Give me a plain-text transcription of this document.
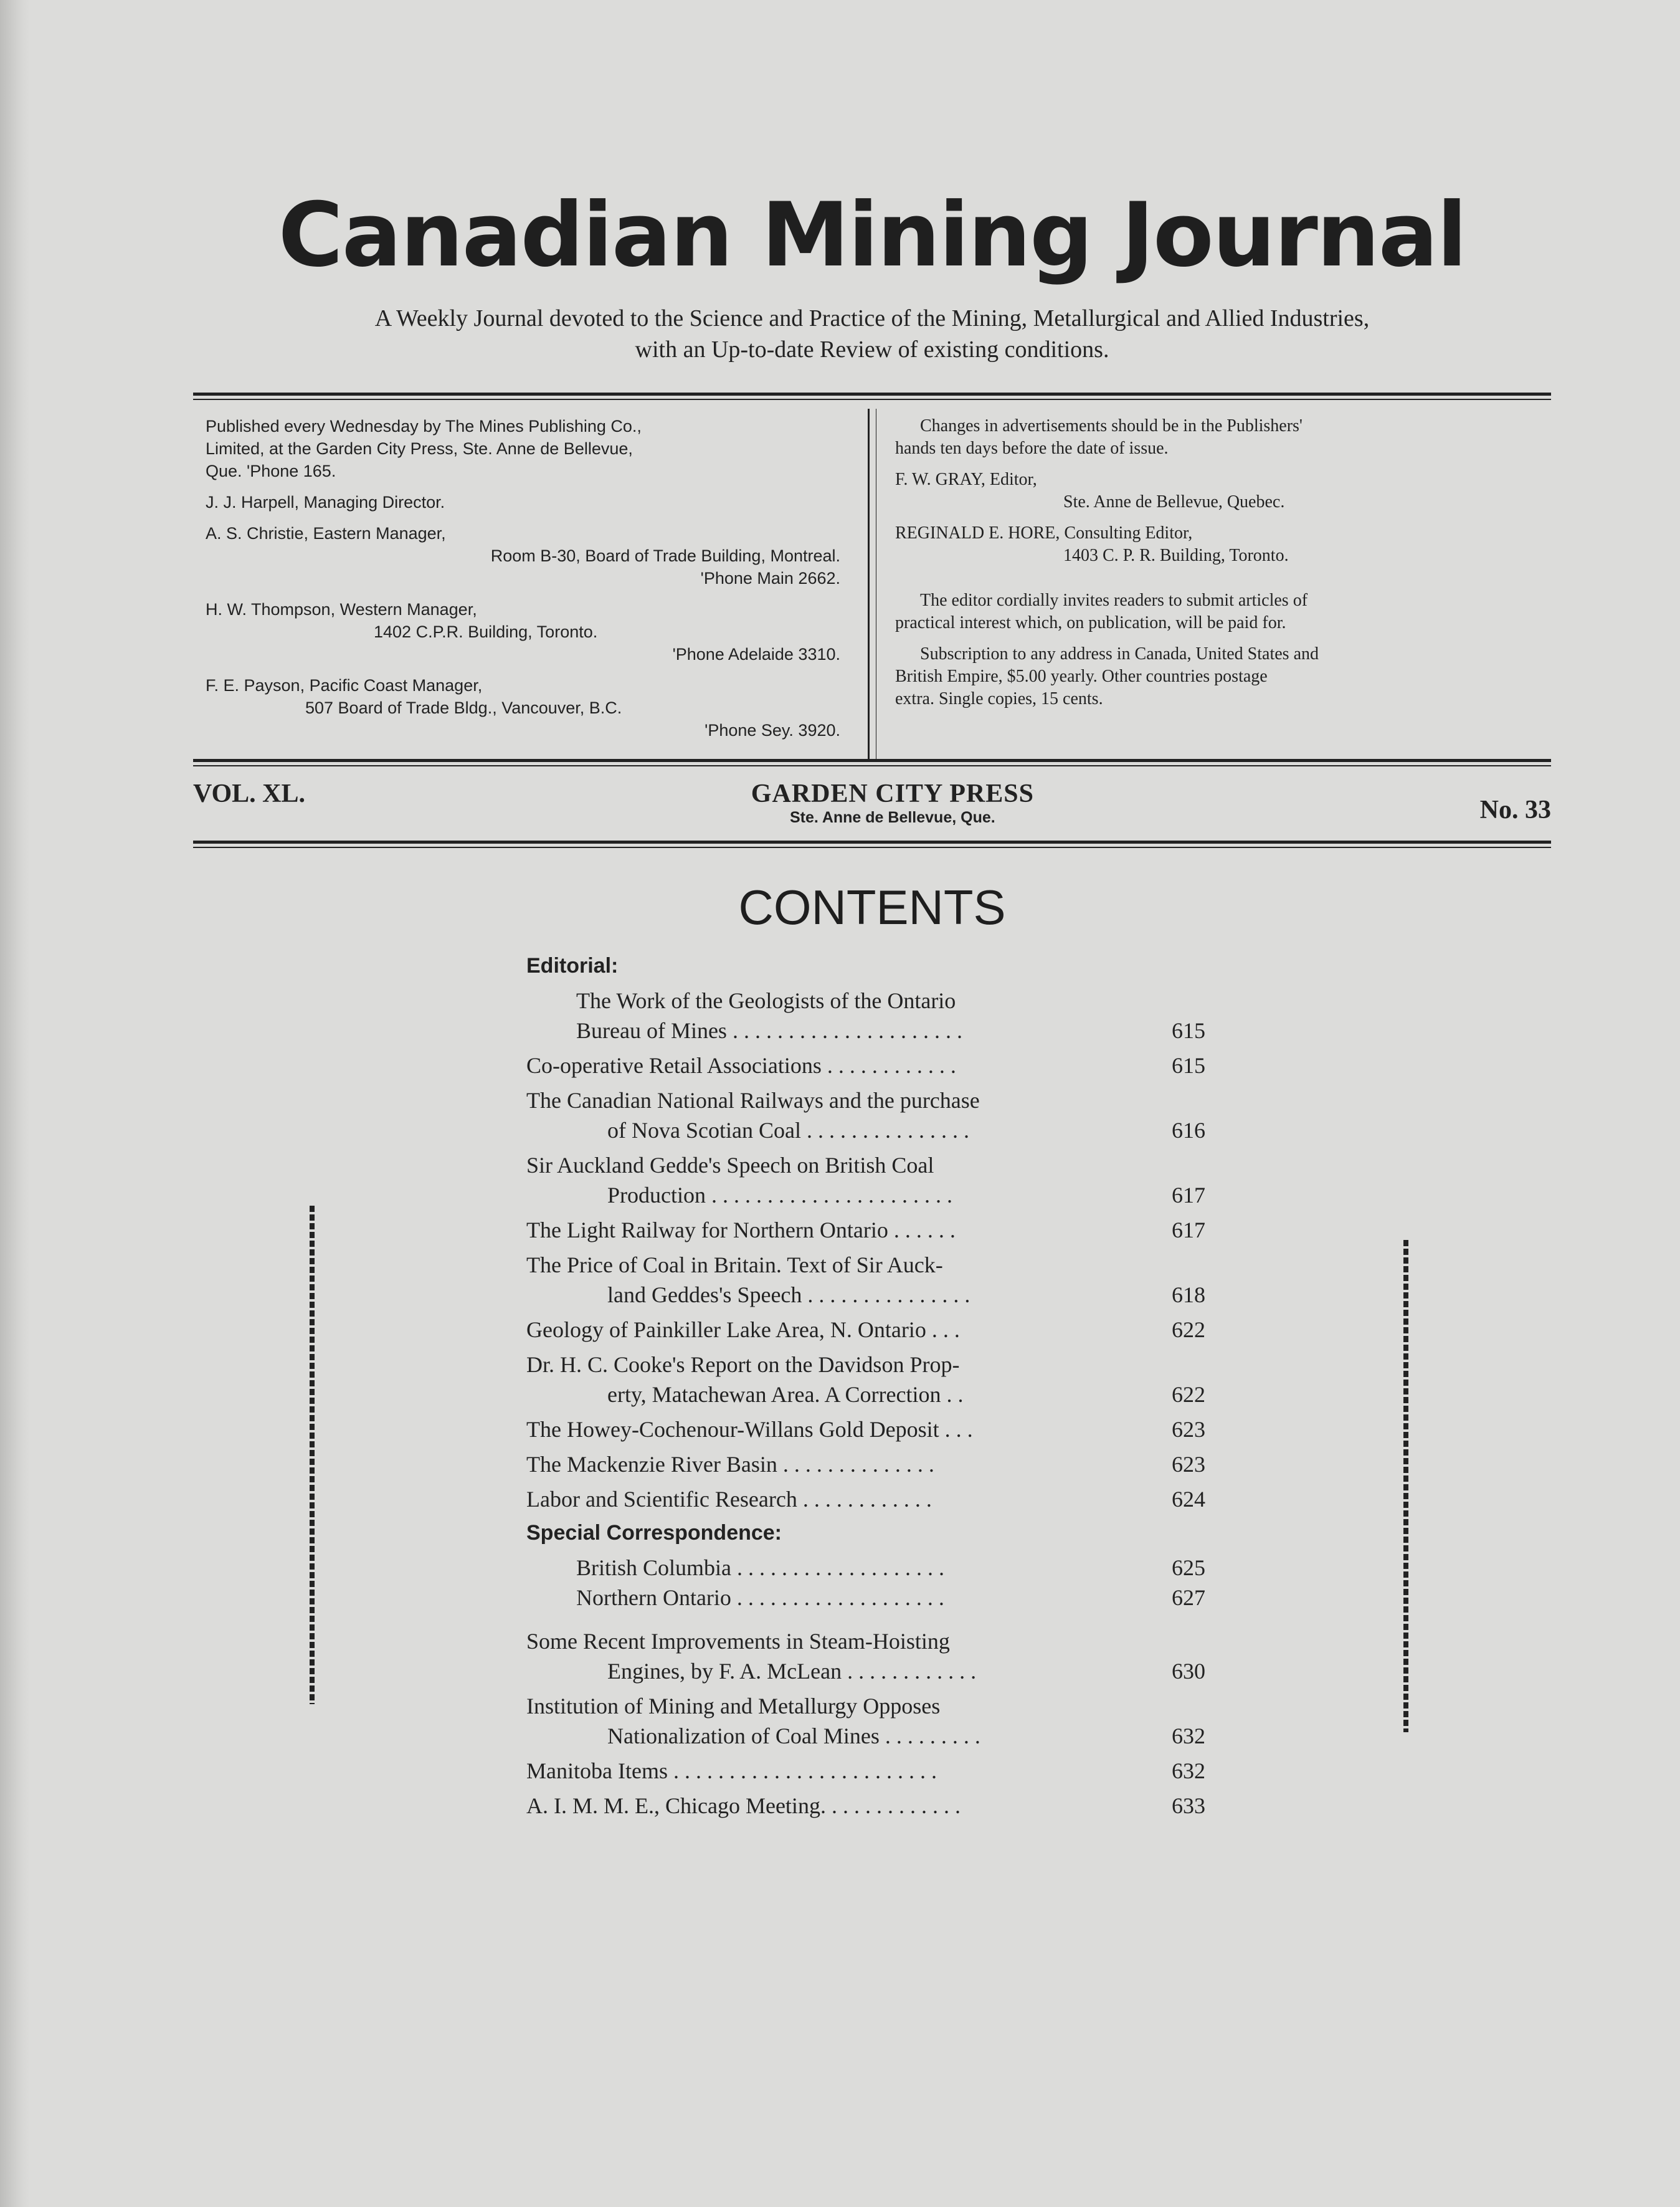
Canadian Mining Journal
A Weekly Journal devoted to the Science and Practice of the Mining, Metallurgical and Allied Industries,
with an Up-to-date Review of existing conditions.
Published every Wednesday by The Mines Publishing Co.,
Limited, at the Garden City Press, Ste. Anne de Bellevue,
Que. 'Phone 165.
J. J. Harpell, Managing Director.
A. S. Christie, Eastern Manager,
Room B-30, Board of Trade Building, Montreal.
'Phone Main 2662.
H. W. Thompson, Western Manager,
1402 C.P.R. Building, Toronto.
'Phone Adelaide 3310.
F. E. Payson, Pacific Coast Manager,
507 Board of Trade Bldg., Vancouver, B.C.
'Phone Sey. 3920.
Changes in advertisements should be in the Publishers'
hands ten days before the date of issue.
F. W. GRAY, Editor,
Ste. Anne de Bellevue, Quebec.
REGINALD E. HORE, Consulting Editor,
1403 C. P. R. Building, Toronto.
The editor cordially invites readers to submit articles of
practical interest which, on publication, will be paid for.
Subscription to any address in Canada, United States and
British Empire, $5.00 yearly. Other countries postage
extra. Single copies, 15 cents.
VOL. XL.	GARDEN CITY PRESS
Ste. Anne de Bellevue, Que.	No. 33
CONTENTS
Editorial:
The Work of the Geologists of the Ontario
Bureau of Mines . . . . . . . . . . . . . . . . . . . . .	615
Co-operative Retail Associations . . . . . . . . . . . .	615
The Canadian National Railways and the purchase
of Nova Scotian Coal . . . . . . . . . . . . . . .	616
Sir Auckland Gedde's Speech on British Coal
Production . . . . . . . . . . . . . . . . . . . . . .	617
The Light Railway for Northern Ontario . . . . . .	617
The Price of Coal in Britain. Text of Sir Auck-
land Geddes's Speech . . . . . . . . . . . . . . .	618
Geology of Painkiller Lake Area, N. Ontario . . .	622
Dr. H. C. Cooke's Report on the Davidson Prop-
erty, Matachewan Area. A Correction . .	622
The Howey-Cochenour-Willans Gold Deposit . . .	623
The Mackenzie River Basin . . . . . . . . . . . . . .	623
Labor and Scientific Research . . . . . . . . . . . .	624
Special Correspondence:
British Columbia . . . . . . . . . . . . . . . . . . .	625
Northern Ontario . . . . . . . . . . . . . . . . . . .	627
Some Recent Improvements in Steam-Hoisting
Engines, by F. A. McLean . . . . . . . . . . . .	630
Institution of Mining and Metallurgy Opposes
Nationalization of Coal Mines . . . . . . . . .	632
Manitoba Items . . . . . . . . . . . . . . . . . . . . . . . .	632
A. I. M. M. E., Chicago Meeting. . . . . . . . . . . . .	633
